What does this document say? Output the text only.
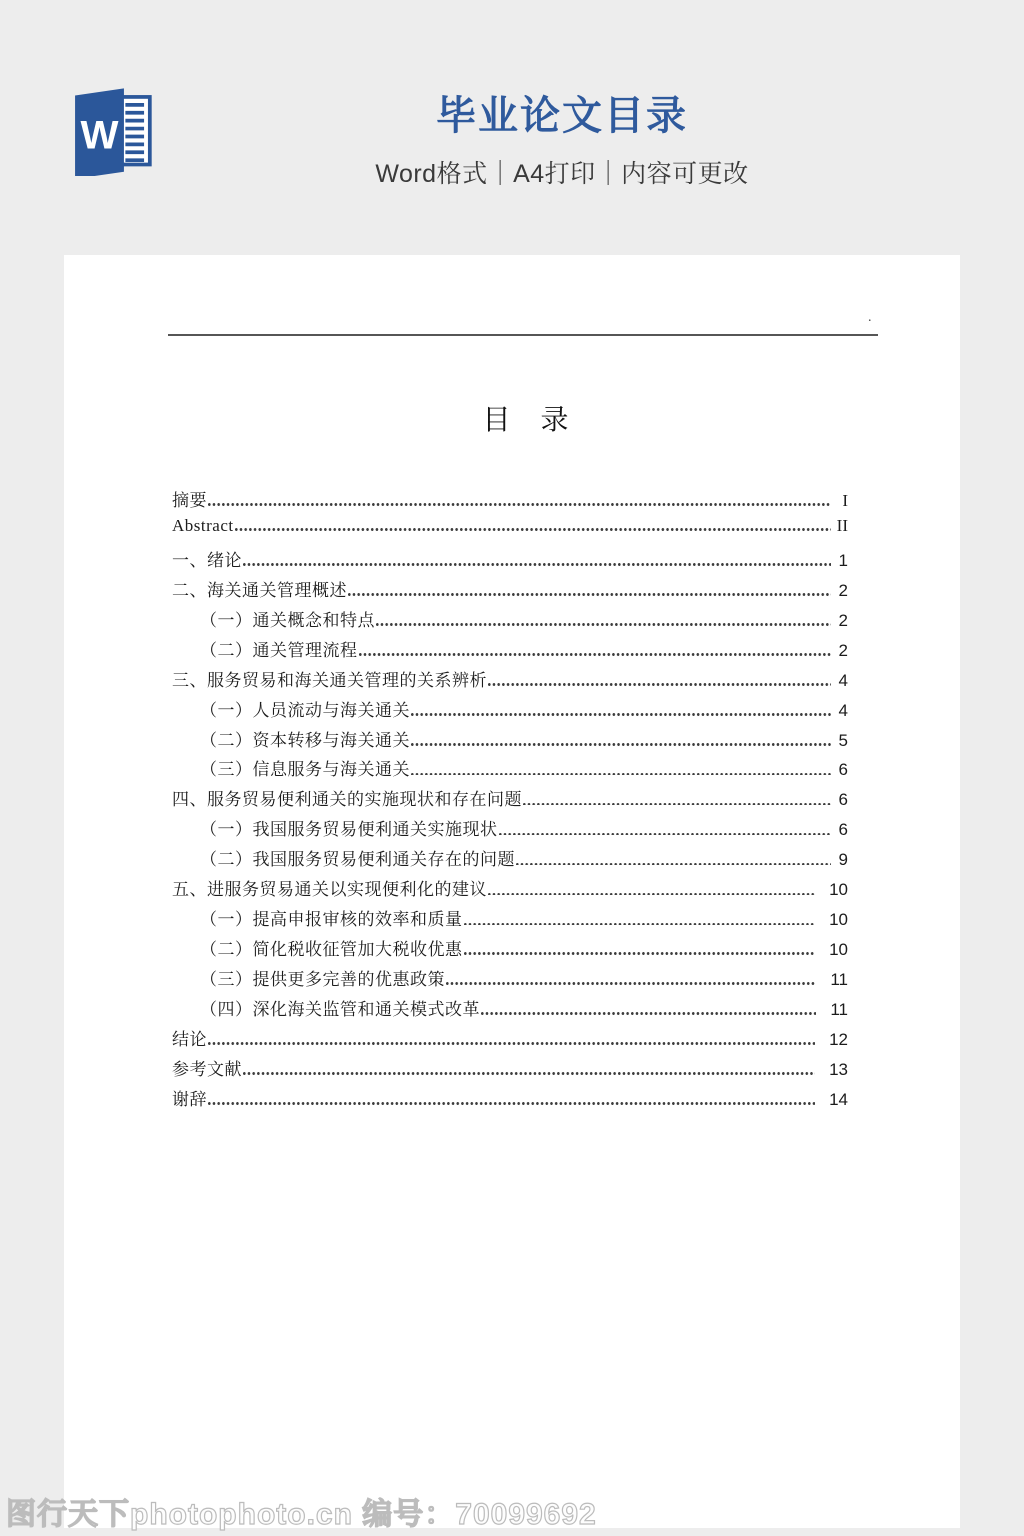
W	毕业论文目录
Word格式｜A4打印｜内容可更改
.
目　录
摘要	I
Abstract	II
一、绪论	1
二、海关通关管理概述	2
（一）通关概念和特点	2
（二）通关管理流程	2
三、服务贸易和海关通关管理的关系辨析	4
（一）人员流动与海关通关	4
（二）资本转移与海关通关	5
（三）信息服务与海关通关	6
四、服务贸易便利通关的实施现状和存在问题	6
（一）我国服务贸易便利通关实施现状	6
（二）我国服务贸易便利通关存在的问题	9
五、进服务贸易通关以实现便利化的建议	10
（一）提高申报审核的效率和质量	10
（二）简化税收征管加大税收优惠	10
（三）提供更多完善的优惠政策	11
（四）深化海关监管和通关模式改革	11
结论	12
参考文献	13
谢辞	14
图行天下photophoto.cn 编号：70099692
